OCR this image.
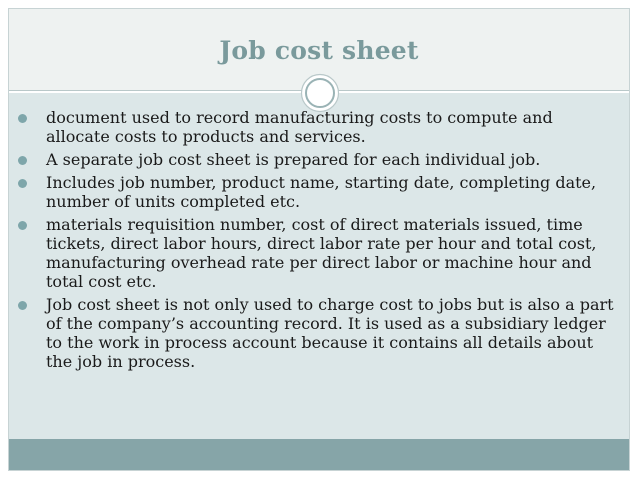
Job cost sheet
document used to record manufacturing costs to compute and allocate costs to products and services.
A separate job cost sheet is prepared for each individual job.
Includes job number, product name, starting date, completing date, number of units completed etc.
materials requisition number, cost of direct materials issued, time tickets, direct labor hours, direct labor rate per hour and total cost, manufacturing overhead rate per direct labor or machine hour and total cost etc.
Job cost sheet is not only used to charge cost to jobs but is also a part of the company’s accounting record. It is used as a subsidiary ledger to the work in process account because it contains all details about the job in process.
